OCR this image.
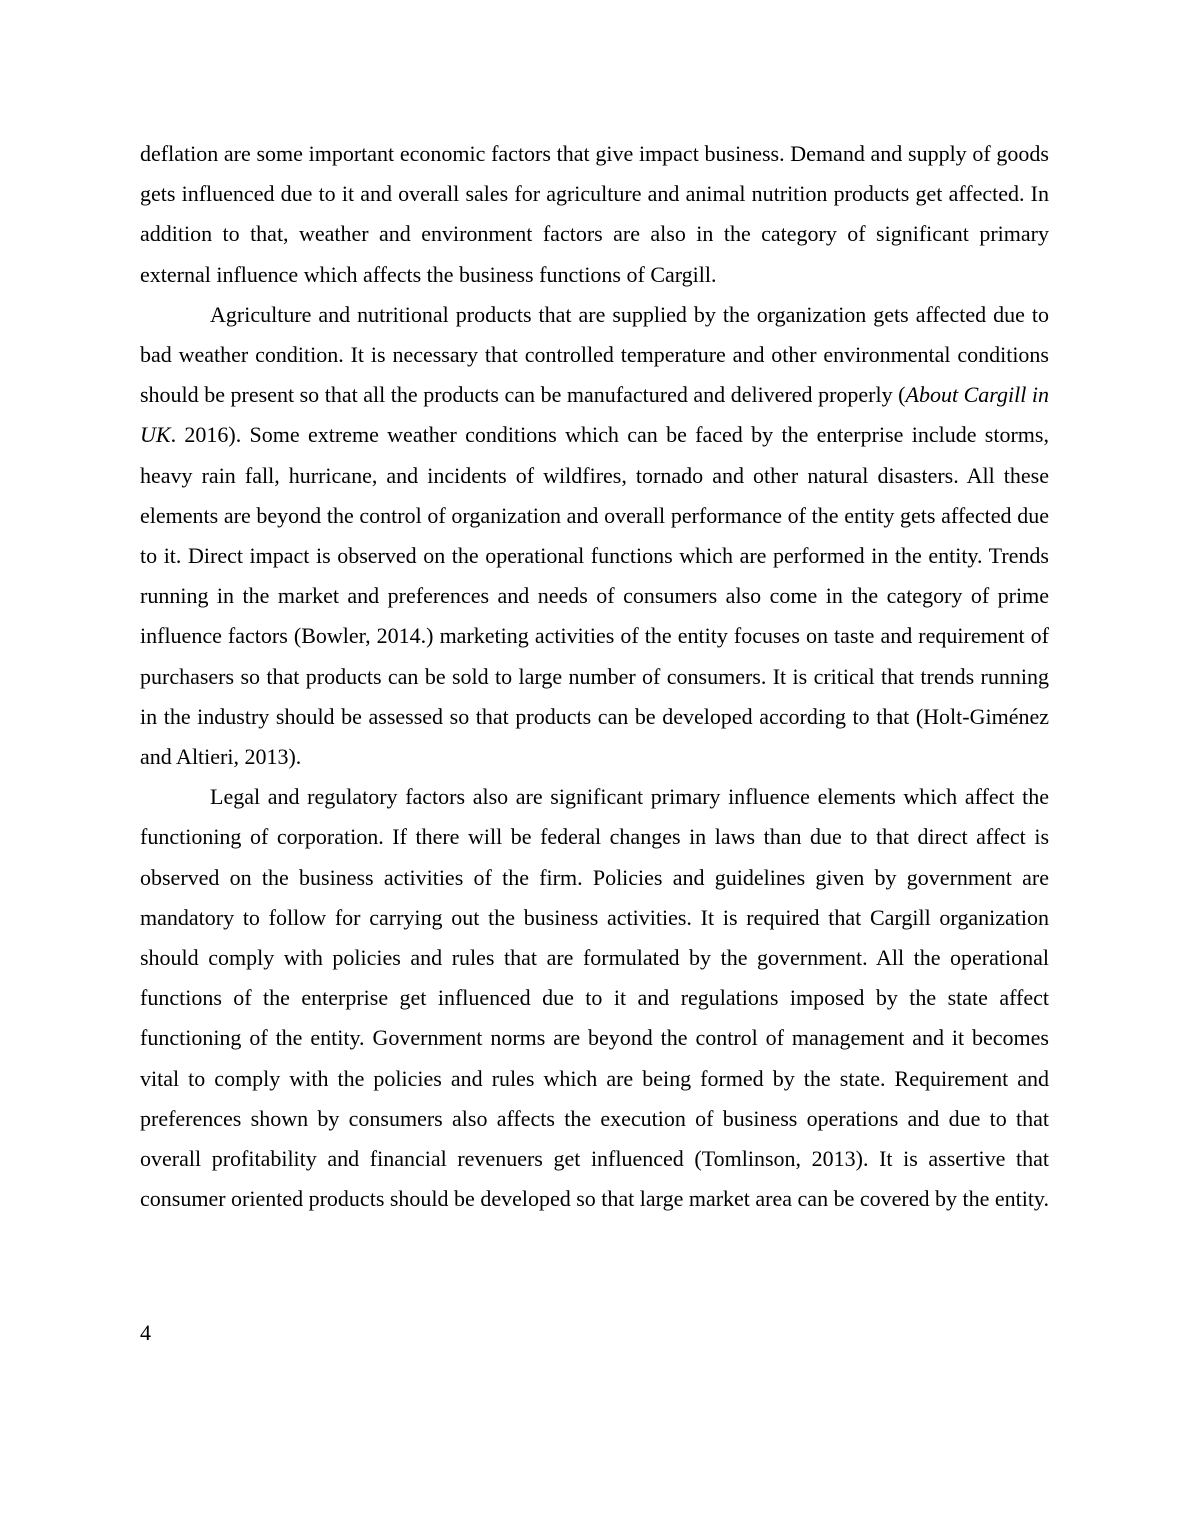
deflation are some important economic factors that give impact business. Demand and supply of goods gets influenced due to it and overall sales for agriculture and animal nutrition products get affected. In addition to that, weather and environment factors are also in the category of significant primary external influence which affects the business functions of Cargill.

Agriculture and nutritional products that are supplied by the organization gets affected due to bad weather condition. It is necessary that controlled temperature and other environmental conditions should be present so that all the products can be manufactured and delivered properly (About Cargill in UK. 2016). Some extreme weather conditions which can be faced by the enterprise include storms, heavy rain fall, hurricane, and incidents of wildfires, tornado and other natural disasters. All these elements are beyond the control of organization and overall performance of the entity gets affected due to it. Direct impact is observed on the operational functions which are performed in the entity. Trends running in the market and preferences and needs of consumers also come in the category of prime influence factors (Bowler, 2014.) marketing activities of the entity focuses on taste and requirement of purchasers so that products can be sold to large number of consumers. It is critical that trends running in the industry should be assessed so that products can be developed according to that (Holt-Giménez and Altieri, 2013).

Legal and regulatory factors also are significant primary influence elements which affect the functioning of corporation. If there will be federal changes in laws than due to that direct affect is observed on the business activities of the firm. Policies and guidelines given by government are mandatory to follow for carrying out the business activities. It is required that Cargill organization should comply with policies and rules that are formulated by the government. All the operational functions of the enterprise get influenced due to it and regulations imposed by the state affect functioning of the entity. Government norms are beyond the control of management and it becomes vital to comply with the policies and rules which are being formed by the state. Requirement and preferences shown by consumers also affects the execution of business operations and due to that overall profitability and financial revenuers get influenced (Tomlinson, 2013). It is assertive that consumer oriented products should be developed so that large market area can be covered by the entity.

4
